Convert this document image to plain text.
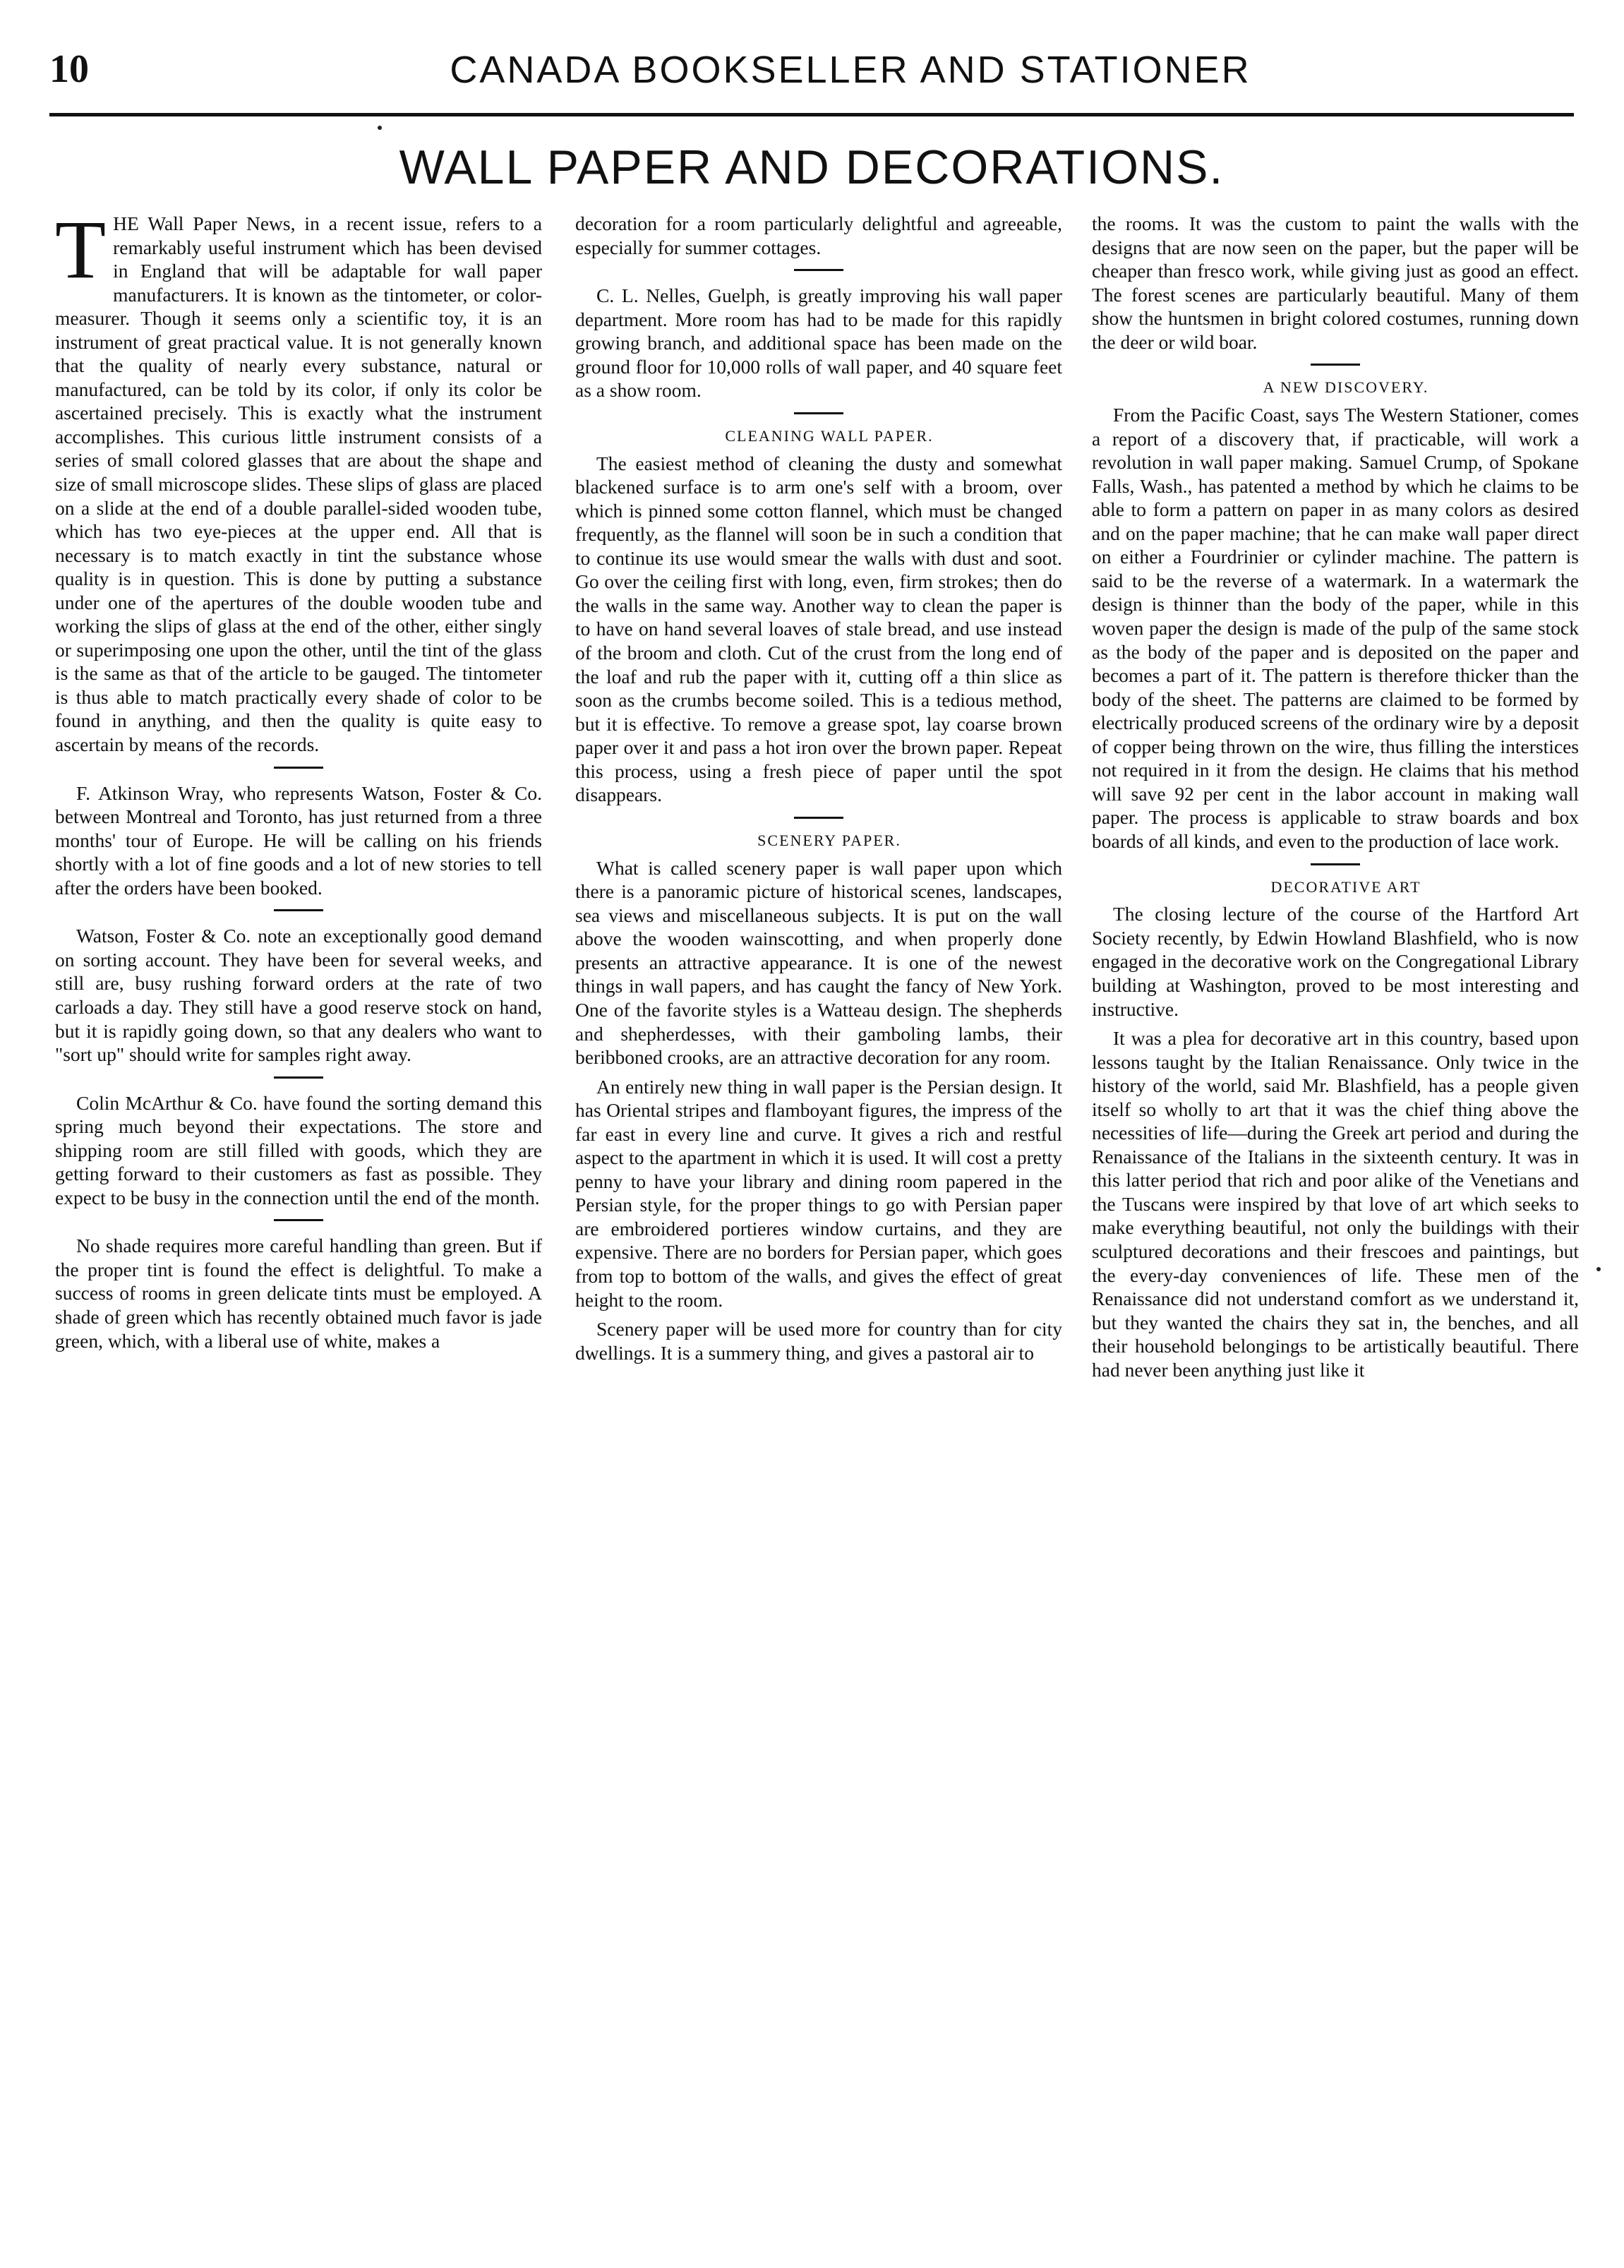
10	CANADA BOOKSELLER AND STATIONER
WALL PAPER AND DECORATIONS.

THE Wall Paper News, in a recent issue, refers to a remarkably useful instrument which has been devised in England that will be adaptable for wall paper manufacturers. It is known as the tintometer, or color-measurer. Though it seems only a scientific toy, it is an instrument of great practical value. It is not generally known that the quality of nearly every substance, natural or manufactured, can be told by its color, if only its color be ascertained precisely. This is exactly what the instrument accomplishes. This curious little instrument consists of a series of small colored glasses that are about the shape and size of small microscope slides. These slips of glass are placed on a slide at the end of a double parallel-sided wooden tube, which has two eye-pieces at the upper end. All that is necessary is to match exactly in tint the substance whose quality is in question. This is done by putting a substance under one of the apertures of the double wooden tube and working the slips of glass at the end of the other, either singly or superimposing one upon the other, until the tint of the glass is the same as that of the article to be gauged. The tintometer is thus able to match practically every shade of color to be found in anything, and then the quality is quite easy to ascertain by means of the records.

F. Atkinson Wray, who represents Watson, Foster & Co. between Montreal and Toronto, has just returned from a three months' tour of Europe. He will be calling on his friends shortly with a lot of fine goods and a lot of new stories to tell after the orders have been booked.

Watson, Foster & Co. note an exceptionally good demand on sorting account. They have been for several weeks, and still are, busy rushing forward orders at the rate of two carloads a day. They still have a good reserve stock on hand, but it is rapidly going down, so that any dealers who want to "sort up" should write for samples right away.

Colin McArthur & Co. have found the sorting demand this spring much beyond their expectations. The store and shipping room are still filled with goods, which they are getting forward to their customers as fast as possible. They expect to be busy in the connection until the end of the month.

No shade requires more careful handling than green. But if the proper tint is found the effect is delightful. To make a success of rooms in green delicate tints must be employed. A shade of green which has recently obtained much favor is jade green, which, with a liberal use of white, makes a

decoration for a room particularly delightful and agreeable, especially for summer cottages.

C. L. Nelles, Guelph, is greatly improving his wall paper department. More room has had to be made for this rapidly growing branch, and additional space has been made on the ground floor for 10,000 rolls of wall paper, and 40 square feet as a show room.

CLEANING WALL PAPER.

The easiest method of cleaning the dusty and somewhat blackened surface is to arm one's self with a broom, over which is pinned some cotton flannel, which must be changed frequently, as the flannel will soon be in such a condition that to continue its use would smear the walls with dust and soot. Go over the ceiling first with long, even, firm strokes; then do the walls in the same way. Another way to clean the paper is to have on hand several loaves of stale bread, and use instead of the broom and cloth. Cut of the crust from the long end of the loaf and rub the paper with it, cutting off a thin slice as soon as the crumbs become soiled. This is a tedious method, but it is effective. To remove a grease spot, lay coarse brown paper over it and pass a hot iron over the brown paper. Repeat this process, using a fresh piece of paper until the spot disappears.

SCENERY PAPER.

What is called scenery paper is wall paper upon which there is a panoramic picture of historical scenes, landscapes, sea views and miscellaneous subjects. It is put on the wall above the wooden wainscotting, and when properly done presents an attractive appearance. It is one of the newest things in wall papers, and has caught the fancy of New York. One of the favorite styles is a Watteau design. The shepherds and shepherdesses, with their gamboling lambs, their beribboned crooks, are an attractive decoration for any room.

An entirely new thing in wall paper is the Persian design. It has Oriental stripes and flamboyant figures, the impress of the far east in every line and curve. It gives a rich and restful aspect to the apartment in which it is used. It will cost a pretty penny to have your library and dining room papered in the Persian style, for the proper things to go with Persian paper are embroidered portieres window curtains, and they are expensive. There are no borders for Persian paper, which goes from top to bottom of the walls, and gives the effect of great height to the room.

Scenery paper will be used more for country than for city dwellings. It is a summery thing, and gives a pastoral air to

the rooms. It was the custom to paint the walls with the designs that are now seen on the paper, but the paper will be cheaper than fresco work, while giving just as good an effect. The forest scenes are particularly beautiful. Many of them show the huntsmen in bright colored costumes, running down the deer or wild boar.

A NEW DISCOVERY.

From the Pacific Coast, says The Western Stationer, comes a report of a discovery that, if practicable, will work a revolution in wall paper making. Samuel Crump, of Spokane Falls, Wash., has patented a method by which he claims to be able to form a pattern on paper in as many colors as desired and on the paper machine; that he can make wall paper direct on either a Fourdrinier or cylinder machine. The pattern is said to be the reverse of a watermark. In a watermark the design is thinner than the body of the paper, while in this woven paper the design is made of the pulp of the same stock as the body of the paper and is deposited on the paper and becomes a part of it. The pattern is therefore thicker than the body of the sheet. The patterns are claimed to be formed by electrically produced screens of the ordinary wire by a deposit of copper being thrown on the wire, thus filling the interstices not required in it from the design. He claims that his method will save 92 per cent in the labor account in making wall paper. The process is applicable to straw boards and box boards of all kinds, and even to the production of lace work.

DECORATIVE ART

The closing lecture of the course of the Hartford Art Society recently, by Edwin Howland Blashfield, who is now engaged in the decorative work on the Congregational Library building at Washington, proved to be most interesting and instructive.

It was a plea for decorative art in this country, based upon lessons taught by the Italian Renaissance. Only twice in the history of the world, said Mr. Blashfield, has a people given itself so wholly to art that it was the chief thing above the necessities of life—during the Greek art period and during the Renaissance of the Italians in the sixteenth century. It was in this latter period that rich and poor alike of the Venetians and the Tuscans were inspired by that love of art which seeks to make everything beautiful, not only the buildings with their sculptured decorations and their frescoes and paintings, but the every-day conveniences of life. These men of the Renaissance did not understand comfort as we understand it, but they wanted the chairs they sat in, the benches, and all their household belongings to be artistically beautiful. There had never been anything just like it
